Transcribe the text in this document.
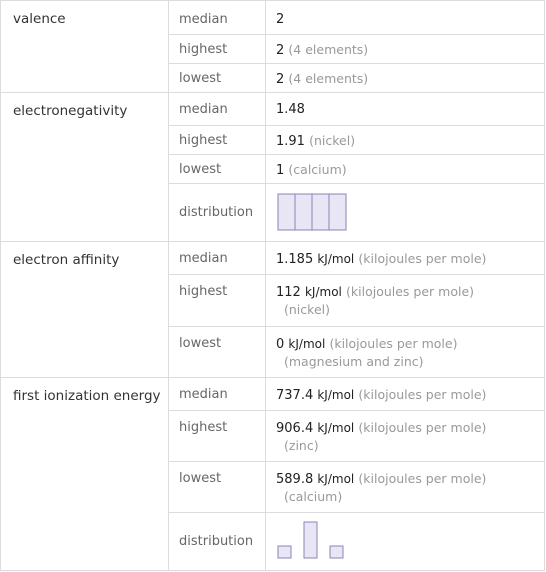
valence	median	2

	highest	2 (4 elements)

	lowest	2 (4 elements)

electronegativity	median	1.48

	highest	1.91 (nickel)

	lowest	1 (calcium)

	distribution	

electron affinity	median	1.185 kJ/mol (kilojoules per mole)

	highest	112 kJ/mol (kilojoules per mole)
(nickel)

	lowest	0 kJ/mol (kilojoules per mole)
(magnesium and zinc)

first ionization energy	median	737.4 kJ/mol (kilojoules per mole)

	highest	906.4 kJ/mol (kilojoules per mole)
(zinc)

	lowest	589.8 kJ/mol (kilojoules per mole)
(calcium)

	distribution	
